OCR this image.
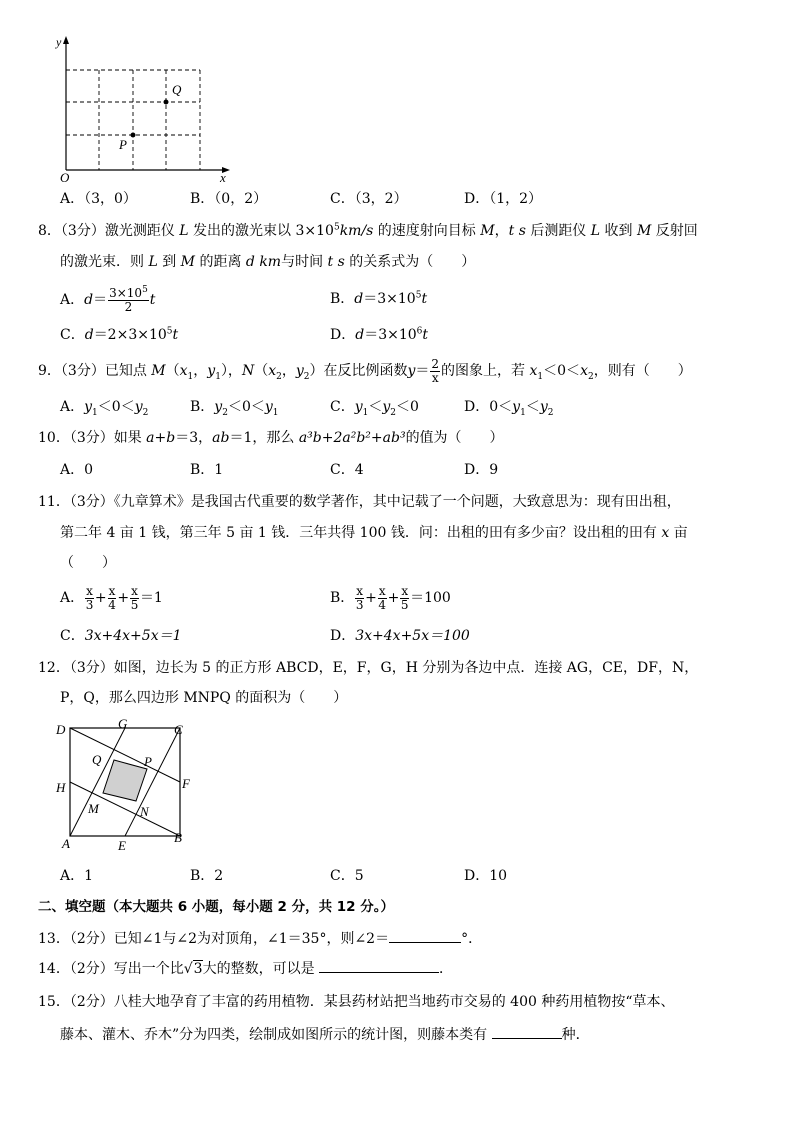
y
x
O
Q
P
A．（3，0）	B．（0，2）	C．（3，2）	D．（1，2）
8．（3分）激光测距仪 L 发出的激光束以 $3\times 10^5km/s$ 的速度射向目标 M，t s 后测距仪 L 收到 M 反射回
的激光束．则 L 到 M 的距离 d km与时间 t s 的关系式为（　　）
A．$d= \frac{3\times 10^5}{2}$ t	B．$d=3\times 10^5t$
C．$d=2\times 3\times 10^5t$	D．$d=3\times 10^6t$
9．（3分）已知点 $M(x_1$，$y_1$），$N(x_2$，$y_2$）在反比例函数$y= \frac{2}{x}$ 的图象上，若 $x_1<0<x_2$，则有（　　）
A．$y_1<0<y_2$	B．$y_2<0<y_1$	C．$y_1<y_2<0$	D．$0<y_1<y_2$
10．（3分）如果 a+b＝3，ab＝1，那么 a³b+2a²b²+ab³的值为（　　）
A．0	B．1	C．4	D．9
11．（3分）《九章算术》是我国古代重要的数学著作，其中记载了一个问题，大致意思为：现有田出租，
第二年 4 亩 1 钱，第三年 5 亩 1 钱．三年共得 100 钱．问：出租的田有多少亩？设出租的田有 x 亩
（　　）
A． $\frac{x}{3} + \frac{x}{4} + \frac{x}{5} =1$	B． $\frac{x}{3} + \frac{x}{4} + \frac{x}{5} =100$
C．3x+4x+5x＝1	D．3x+4x+5x＝100
12．（3分）如图，边长为 5 的正方形 ABCD，E，F，G，H 分别为各边中点．连接 AG，CE，DF，N，
P，Q，那么四边形 MNPQ 的面积为（　　）
D	G	C
H	F
Q	P
M	N
A	E
B
A．1	B．2	C．5	D．10
二、填空题（本大题共 6 小题，每小题 2 分，共 12 分。）
13．（2分）已知∠1与∠2为对顶角，∠1＝35°，则∠2＝	°．
14．（2分）写出一个比√3大的整数，可以是	．
15．（2分）八桂大地孕育了丰富的药用植物．某县药材站把当地药市交易的 400 种药用植物按“草本、
藤本、灌木、乔木”分为四类，绘制成如图所示的统计图，则藤本类有	种．
